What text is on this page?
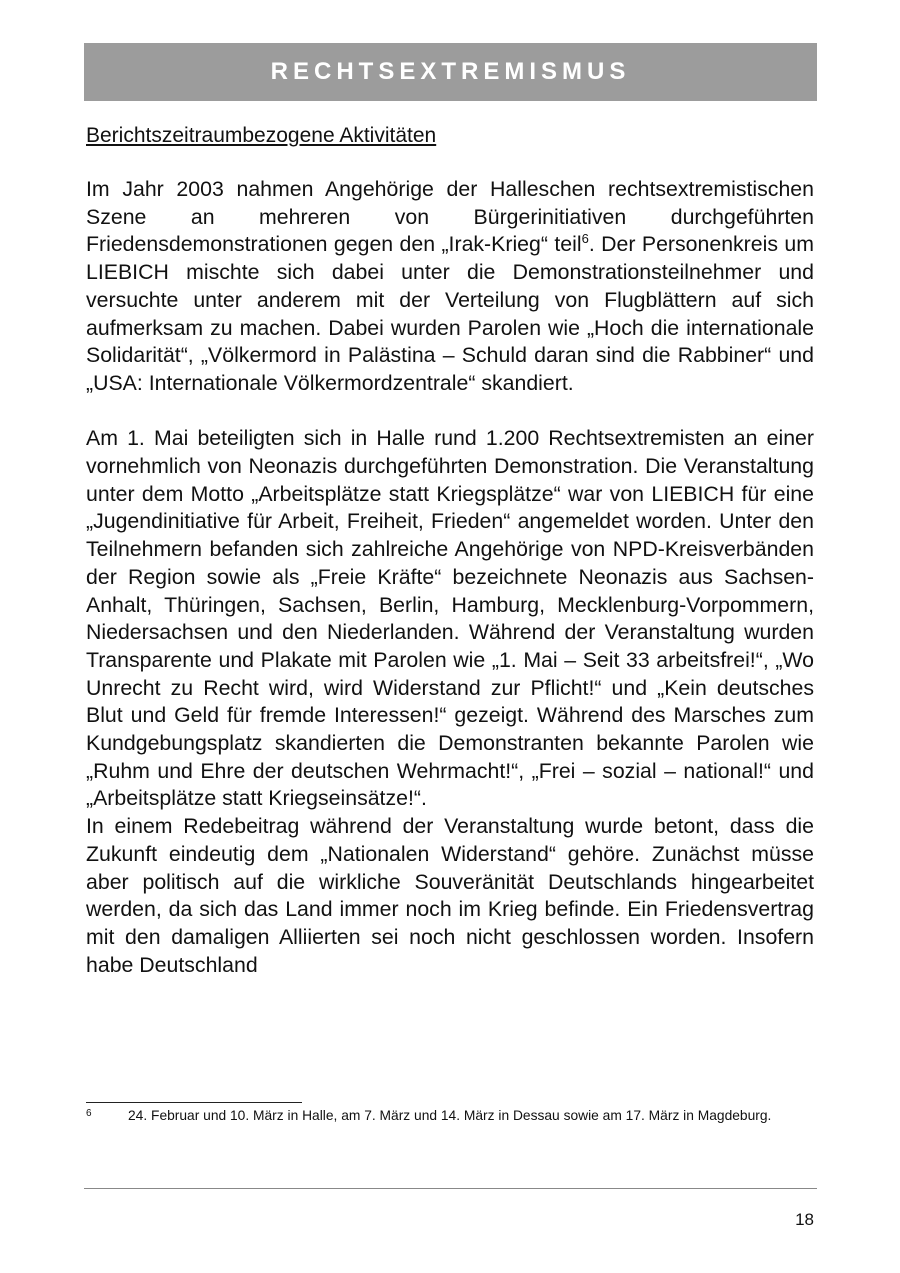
RECHTSEXTREMISMUS
Berichtszeitraumbezogene Aktivitäten

Im Jahr 2003 nahmen Angehörige der Halleschen rechtsextremistischen Szene an mehreren von Bürgerinitiativen durchgeführten Friedensdemonstrationen gegen den „Irak-Krieg“ teil$^6$. Der Personenkreis um LIEBICH mischte sich dabei unter die Demonstrationsteilnehmer und versuchte unter anderem mit der Verteilung von Flugblättern auf sich aufmerksam zu machen. Dabei wurden Parolen wie „Hoch die internationale Solidarität“, „Völkermord in Palästina – Schuld daran sind die Rabbiner“ und „USA: Internationale Völkermordzentrale“ skandiert.

Am 1. Mai beteiligten sich in Halle rund 1.200 Rechtsextremisten an einer vornehmlich von Neonazis durchgeführten Demonstration. Die Veranstaltung unter dem Motto „Arbeitsplätze statt Kriegsplätze“ war von LIEBICH für eine „Jugendinitiative für Arbeit, Freiheit, Frieden“ angemeldet worden. Unter den Teilnehmern befanden sich zahlreiche Angehörige von NPD-Kreisverbänden der Region sowie als „Freie Kräfte“ bezeichnete Neonazis aus Sachsen-Anhalt, Thüringen, Sachsen, Berlin, Hamburg, Mecklenburg-Vorpommern, Niedersachsen und den Niederlanden. Während der Veranstaltung wurden Transparente und Plakate mit Parolen wie „1. Mai – Seit 33 arbeitsfrei!“, „Wo Unrecht zu Recht wird, wird Widerstand zur Pflicht!“ und „Kein deutsches Blut und Geld für fremde Interessen!“ gezeigt. Während des Marsches zum Kundgebungsplatz skandierten die Demonstranten bekannte Parolen wie „Ruhm und Ehre der deutschen Wehrmacht!“, „Frei – sozial – national!“ und „Arbeitsplätze statt Kriegseinsätze!“.

In einem Redebeitrag während der Veranstaltung wurde betont, dass die Zukunft eindeutig dem „Nationalen Widerstand“ gehöre. Zunächst müsse aber politisch auf die wirkliche Souveränität Deutschlands hingearbeitet werden, da sich das Land immer noch im Krieg befinde. Ein Friedensvertrag mit den damaligen Alliierten sei noch nicht geschlossen worden. Insofern habe Deutschland

6	24. Februar und 10. März in Halle, am 7. März und 14. März in Dessau sowie am 17. März in Magdeburg.
18
